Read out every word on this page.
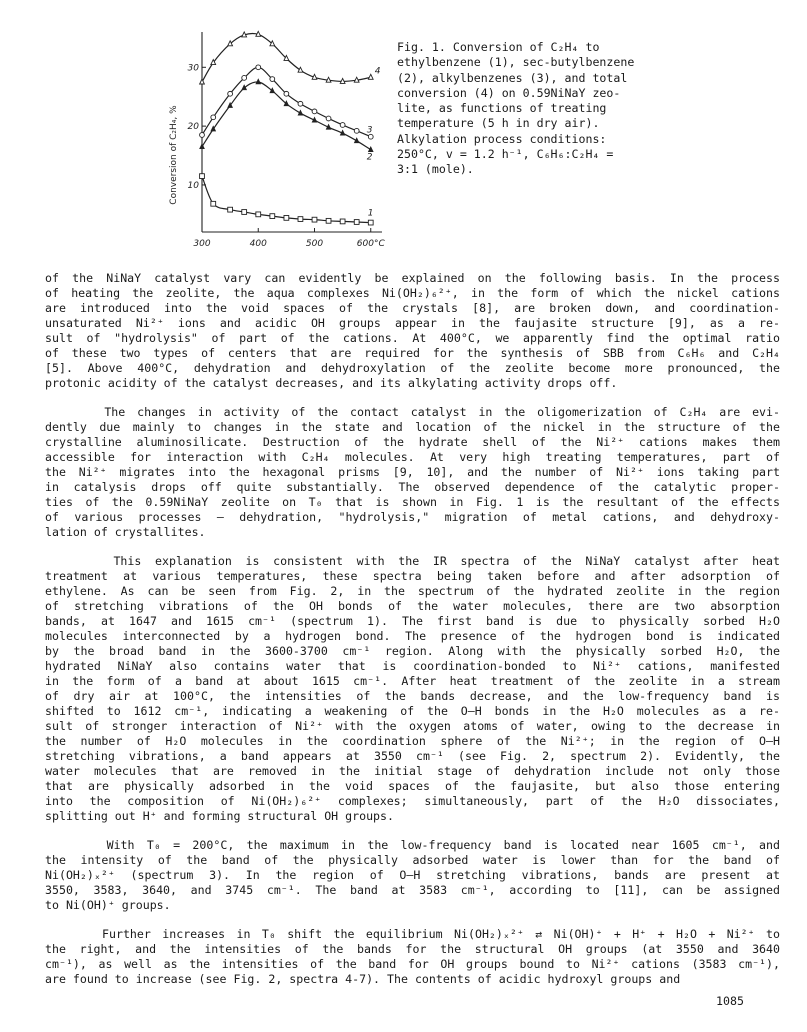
300	400	500	600°C
10
20
30
1
2
3
4
Conversion of C₂H₄, %
Fig. 1. Conversion of C₂H₄ to
ethylbenzene (1), sec-butylbenzene
(2), alkylbenzenes (3), and total
conversion (4) on 0.59NiNaY zeo-
lite, as functions of treating
temperature (5 h in dry air).
Alkylation process conditions:
250°C, v = 1.2 h⁻¹, C₆H₆:C₂H₄ =
3:1 (mole).
of the NiNaY catalyst vary can evidently be explained on the following basis. In the process
of heating the zeolite, the aqua complexes Ni(OH₂)₆²⁺, in the form of which the nickel cations
are introduced into the void spaces of the crystals [8], are broken down, and coordination-
unsaturated Ni²⁺ ions and acidic OH groups appear in the faujasite structure [9], as a re-
sult of "hydrolysis" of part of the cations. At 400°C, we apparently find the optimal ratio
of these two types of centers that are required for the synthesis of SBB from C₆H₆ and C₂H₄
[5]. Above 400°C, dehydration and dehydroxylation of the zeolite become more pronounced, the
protonic acidity of the catalyst decreases, and its alkylating activity drops off.
The changes in activity of the contact catalyst in the oligomerization of C₂H₄ are evi-
dently due mainly to changes in the state and location of the nickel in the structure of the
crystalline aluminosilicate. Destruction of the hydrate shell of the Ni²⁺ cations makes them
accessible for interaction with C₂H₄ molecules. At very high treating temperatures, part of
the Ni²⁺ migrates into the hexagonal prisms [9, 10], and the number of Ni²⁺ ions taking part
in catalysis drops off quite substantially. The observed dependence of the catalytic proper-
ties of the 0.59NiNaY zeolite on T₀ that is shown in Fig. 1 is the resultant of the effects
of various processes — dehydration, "hydrolysis," migration of metal cations, and dehydroxy-
lation of crystallites.
This explanation is consistent with the IR spectra of the NiNaY catalyst after heat
treatment at various temperatures, these spectra being taken before and after adsorption of
ethylene. As can be seen from Fig. 2, in the spectrum of the hydrated zeolite in the region
of stretching vibrations of the OH bonds of the water molecules, there are two absorption
bands, at 1647 and 1615 cm⁻¹ (spectrum 1). The first band is due to physically sorbed H₂O
molecules interconnected by a hydrogen bond. The presence of the hydrogen bond is indicated
by the broad band in the 3600-3700 cm⁻¹ region. Along with the physically sorbed H₂O, the
hydrated NiNaY also contains water that is coordination-bonded to Ni²⁺ cations, manifested
in the form of a band at about 1615 cm⁻¹. After heat treatment of the zeolite in a stream
of dry air at 100°C, the intensities of the bands decrease, and the low-frequency band is
shifted to 1612 cm⁻¹, indicating a weakening of the O—H bonds in the H₂O molecules as a re-
sult of stronger interaction of Ni²⁺ with the oxygen atoms of water, owing to the decrease in
the number of H₂O molecules in the coordination sphere of the Ni²⁺; in the region of O—H
stretching vibrations, a band appears at 3550 cm⁻¹ (see Fig. 2, spectrum 2). Evidently, the
water molecules that are removed in the initial stage of dehydration include not only those
that are physically adsorbed in the void spaces of the faujasite, but also those entering
into the composition of Ni(OH₂)₆²⁺ complexes; simultaneously, part of the H₂O dissociates,
splitting out H⁺ and forming structural OH groups.
With T₀ = 200°C, the maximum in the low-frequency band is located near 1605 cm⁻¹, and
the intensity of the band of the physically adsorbed water is lower than for the band of
Ni(OH₂)ₓ²⁺ (spectrum 3). In the region of O—H stretching vibrations, bands are present at
3550, 3583, 3640, and 3745 cm⁻¹. The band at 3583 cm⁻¹, according to [11], can be assigned
to Ni(OH)⁺ groups.
Further increases in T₀ shift the equilibrium Ni(OH₂)ₓ²⁺ ⇄ Ni(OH)⁺ + H⁺ + H₂O + Ni²⁺ to
the right, and the intensities of the bands for the structural OH groups (at 3550 and 3640
cm⁻¹), as well as the intensities of the band for OH groups bound to Ni²⁺ cations (3583 cm⁻¹),
are found to increase (see Fig. 2, spectra 4-7). The contents of acidic hydroxyl groups and
1085
